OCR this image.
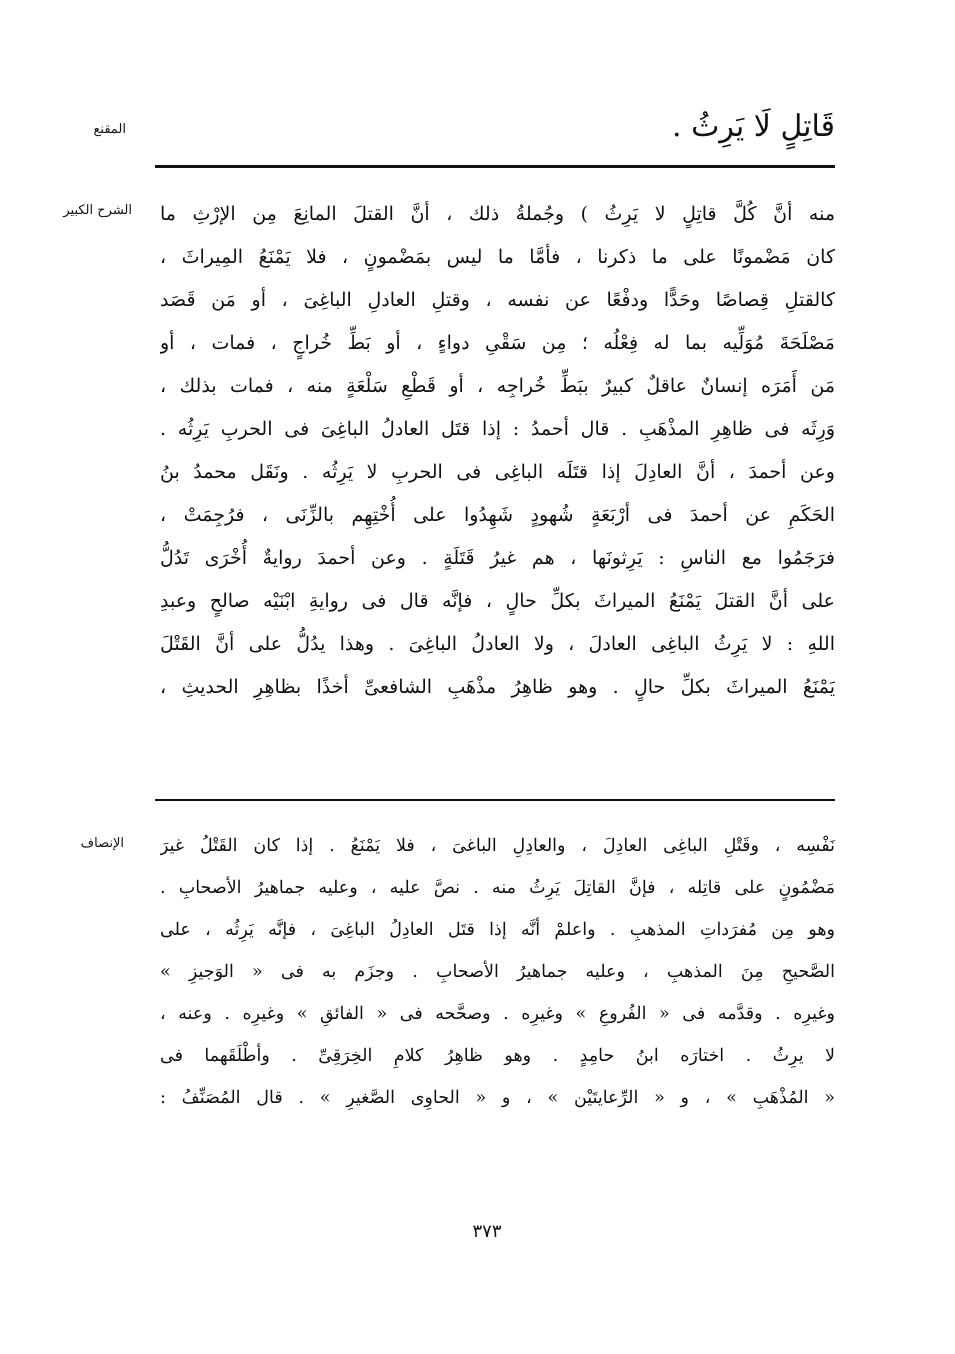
المقنع
الشرح الكبير
الإنصاف
قَاتِلٍ لَا يَرِثُ .
منه أنَّ كُلَّ قاتِلٍ لا يَرِثُ ) وجُملةُ ذلك ، أنَّ القتلَ المانِعَ مِن الإرْثِ ما
كان مَضْمونًا على ما ذكرنا ، فأمَّا ما ليس بمَضْمونٍ ، فلا يَمْنَعُ المِيراثَ ،
كالقتلِ قِصاصًا وحَدًّا ودفْعًا عن نفسه ، وقتلِ العادلِ الباغِىَ ، أو مَن قَصَد
مَصْلَحَةَ مُوَلِّيه بما له فِعْلُه ؛ مِن سَقْىِ دواءٍ ، أو بَطِّ خُراجٍ ، فمات ، أو
مَن أَمَرَه إنسانٌ عاقلٌ كبيرٌ ببَطِّ خُراجِه ، أو قَطْعِ سَلْعَةٍ منه ، فمات بذلك ،
وَرِثَه فى ظاهِرِ المذْهَبِ . قال أحمدُ : إذا قتَل العادلُ الباغِىَ فى الحربِ يَرِثُه .
وعن أحمدَ ، أنَّ العادِلَ إذا قتَلَه الباغِى فى الحربِ لا يَرِثُه . ونَقَل محمدُ بنُ
الحَكَمِ عن أحمدَ فى أرْبَعَةٍ شُهودٍ شَهِدُوا على أُخْتِهِم بالزِّنَى ، فرُجِمَتْ ،
فرَجَمُوا مع الناسِ : يَرِثونَها ، هم غيرُ قَتَلَةٍ . وعن أحمدَ روايةٌ أُخْرَى تَدُلُّ
على أنَّ القتلَ يَمْنَعُ الميراثَ بكلِّ حالٍ ، فإنَّه قال فى روايةِ ابْنَيْه صالحٍ وعبدِ
اللهِ : لا يَرِثُ الباغِى العادلَ ، ولا العادلُ الباغِىَ . وهذا يدُلُّ على أنَّ القَتْلَ
يَمْنَعُ الميراثَ بكلِّ حالٍ . وهو ظاهِرُ مذْهَبِ الشافعىِّ أخذًا بظاهِرِ الحديثِ ،
نَفْسِه ، وقَتْلِ الباغِى العادِلَ ، والعادِلِ الباغىَ ، فلا يَمْنَعُ . إذا كان القَتْلُ غيرَ
مَضْمُونٍ على قاتِله ، فإنَّ القاتِلَ يَرِثُ منه . نصَّ عليه ، وعليه جماهيرُ الأصحابِ .
وهو مِن مُفرَداتِ المذهبِ . واعلمْ أنَّه إذا قتَل العادِلُ الباغِىَ ، فإنَّه يَرِثُه ، على
الصَّحيحِ مِنَ المذهبِ ، وعليه جماهيرُ الأصحابِ . وجزَم به فى « الوَجيزِ »
وغيرِه . وقدَّمه فى « الفُروعِ » وغيرِه . وصحَّحه فى « الفائقِ » وغيرِه . وعنه ،
لا يرِثُ . اختارَه ابنُ حامِدٍ . وهو ظاهِرُ كلامِ الخِرَقِىِّ . وأطْلَقَهما فى
« المُذْهَبِ » ، و « الرِّعايتَيْن » ، و « الحاوِى الصَّغيرِ » . قال المُصَنِّفُ :
٣٧٣
